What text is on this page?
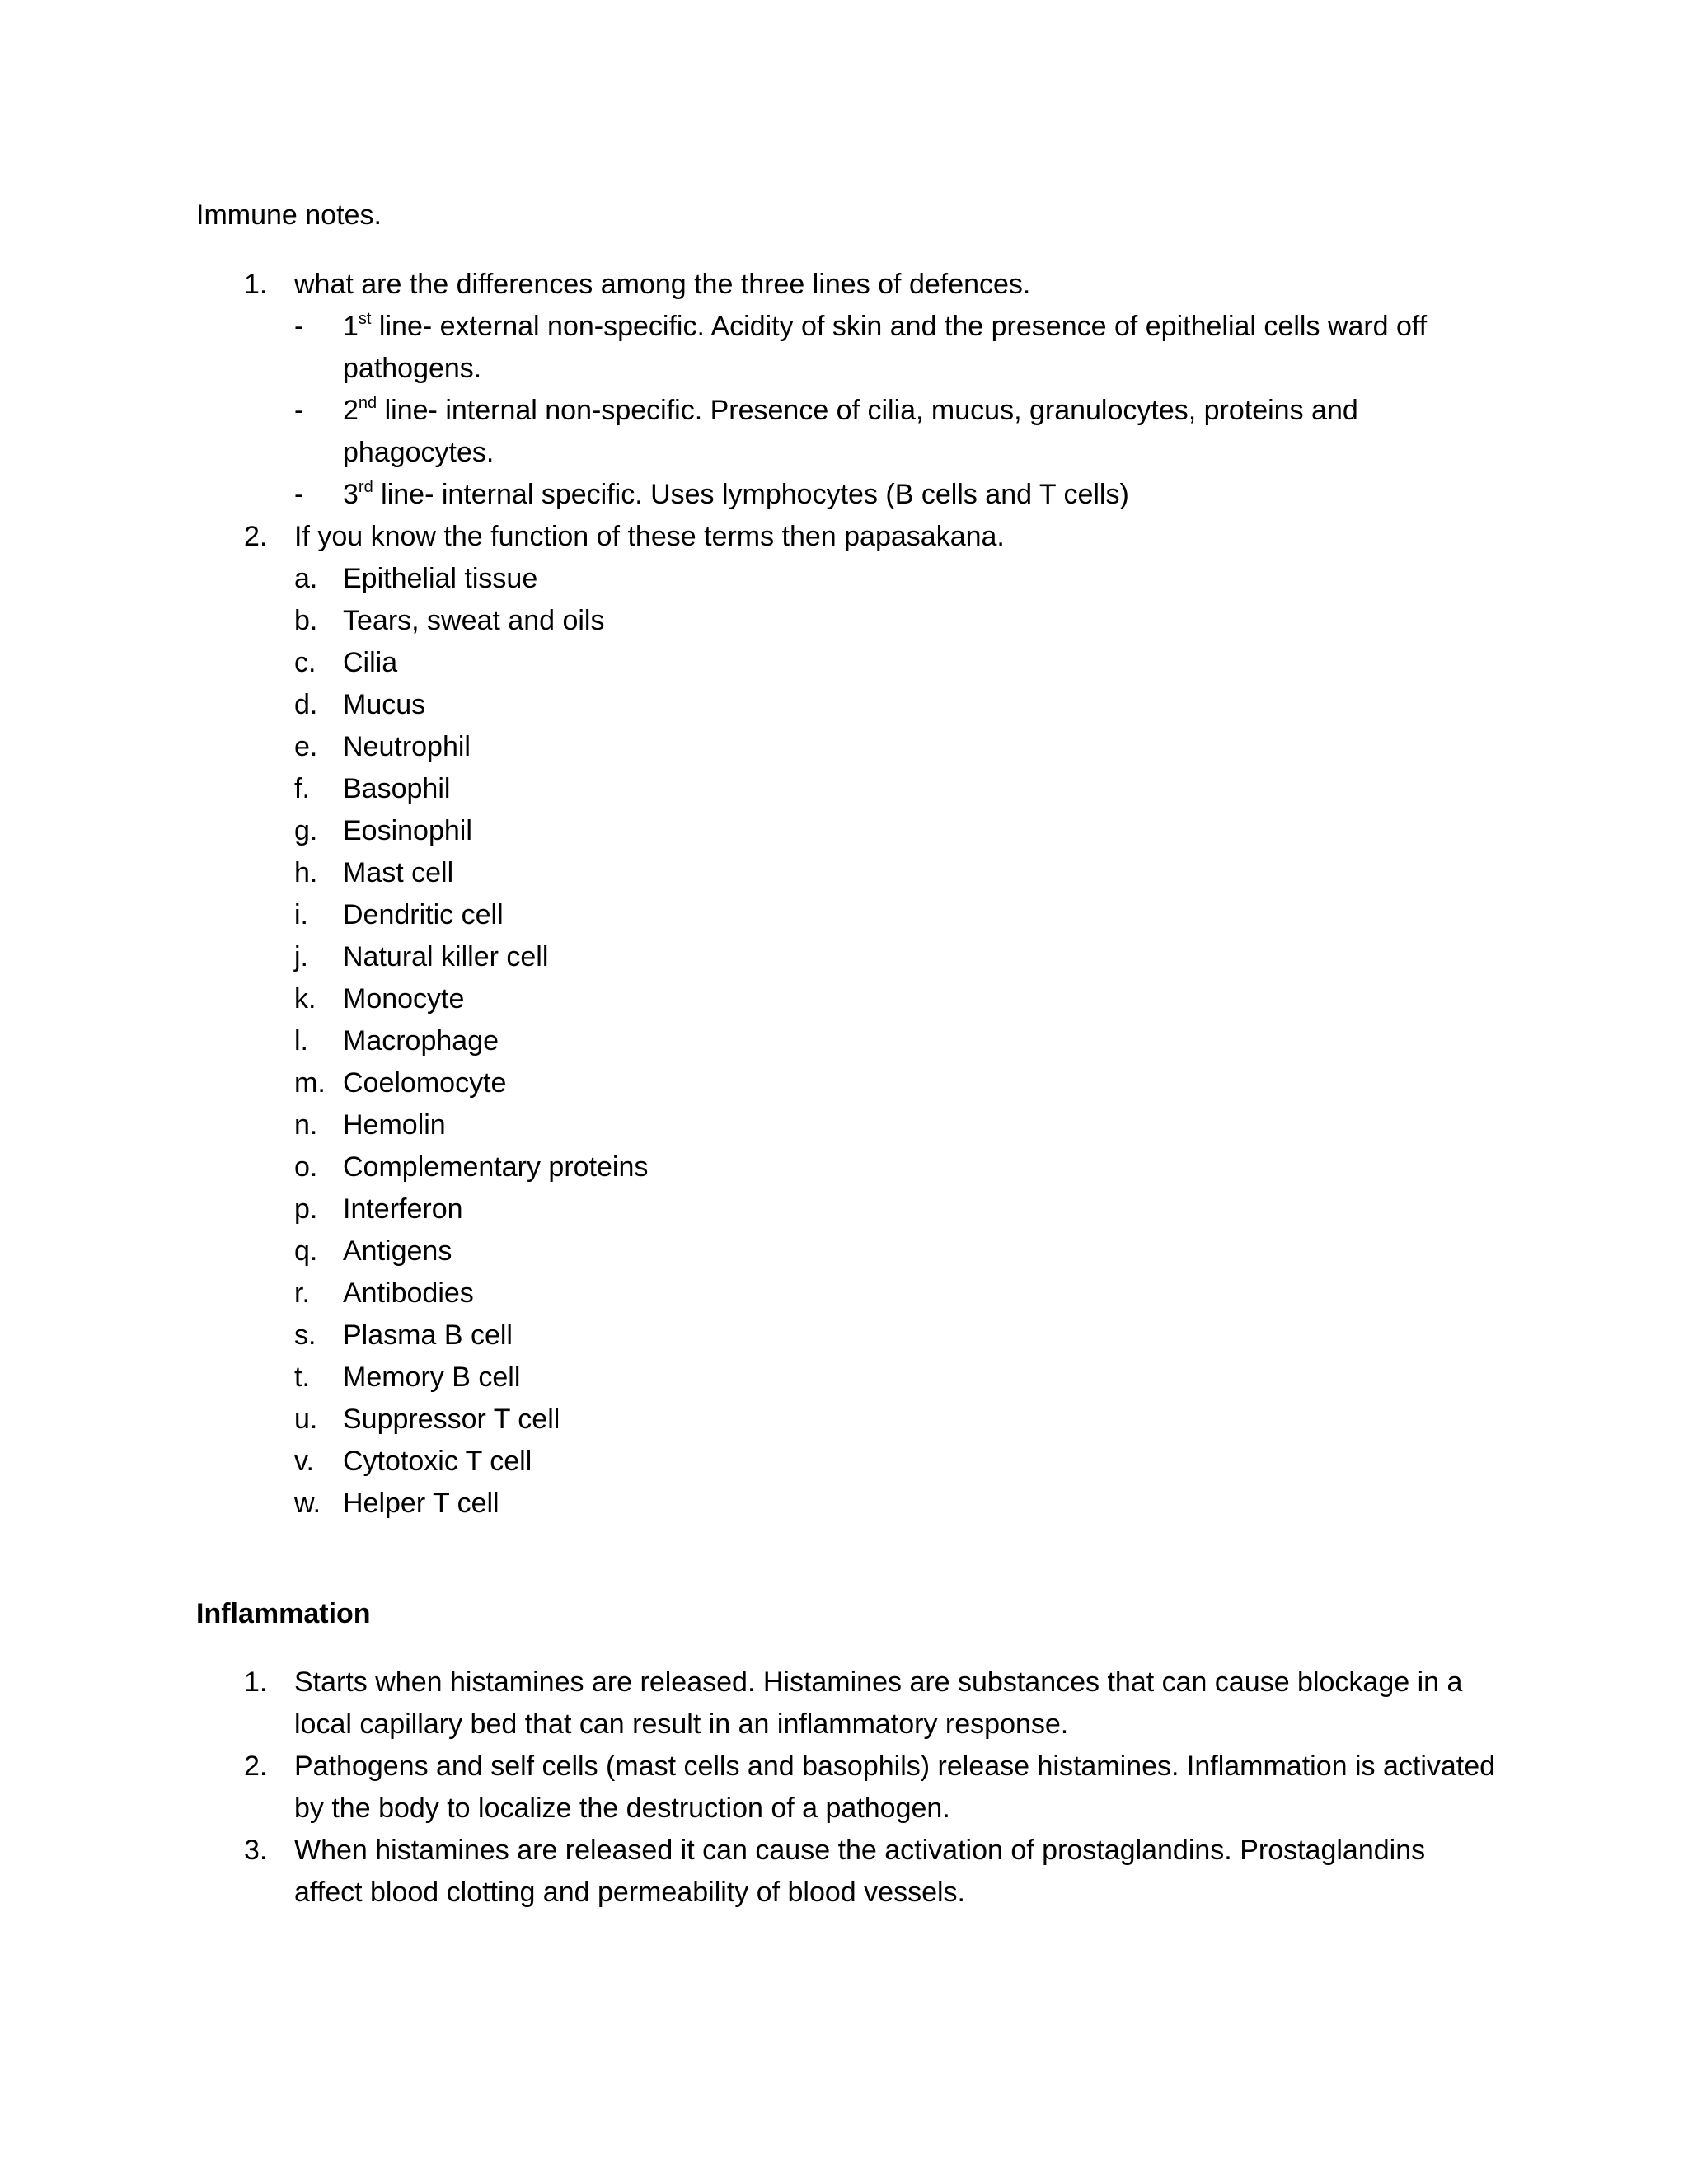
Immune notes.
1. what are the differences among the three lines of defences.
- 1st line- external non-specific. Acidity of skin and the presence of epithelial cells ward off
pathogens.
- 2nd line- internal non-specific. Presence of cilia, mucus, granulocytes, proteins and
phagocytes.
- 3rd line- internal specific. Uses lymphocytes (B cells and T cells)
2. If you know the function of these terms then papasakana.
a. Epithelial tissue
b. Tears, sweat and oils
c. Cilia
d. Mucus
e. Neutrophil
f. Basophil
g. Eosinophil
h. Mast cell
i. Dendritic cell
j. Natural killer cell
k. Monocyte
l. Macrophage
m. Coelomocyte
n. Hemolin
o. Complementary proteins
p. Interferon
q. Antigens
r. Antibodies
s. Plasma B cell
t. Memory B cell
u. Suppressor T cell
v. Cytotoxic T cell
w. Helper T cell
Inflammation
1. Starts when histamines are released. Histamines are substances that can cause blockage in a
local capillary bed that can result in an inflammatory response.
2. Pathogens and self cells (mast cells and basophils) release histamines. Inflammation is activated
by the body to localize the destruction of a pathogen.
3. When histamines are released it can cause the activation of prostaglandins. Prostaglandins
affect blood clotting and permeability of blood vessels.
